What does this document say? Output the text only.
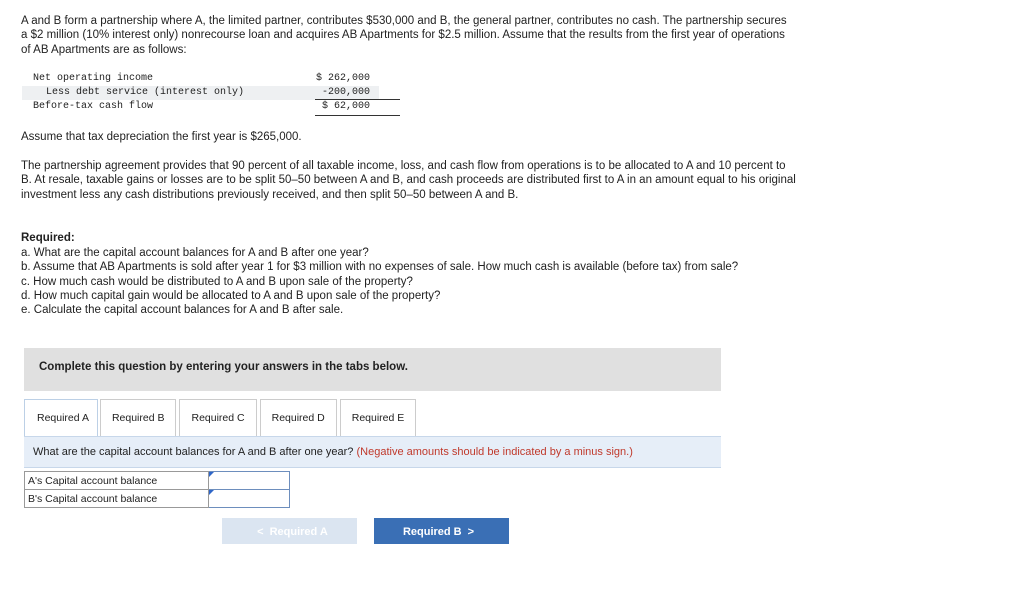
A and B form a partnership where A, the limited partner, contributes $530,000 and B, the general partner, contributes no cash. The partnership secures a $2 million (10% interest only) nonrecourse loan and acquires AB Apartments for $2.5 million. Assume that the results from the first year of operations of AB Apartments are as follows:

Net operating income	$ 262,000
Less debt service (interest only)	-200,000
Before-tax cash flow	$ 62,000

Assume that tax depreciation the first year is $265,000.

The partnership agreement provides that 90 percent of all taxable income, loss, and cash flow from operations is to be allocated to A and 10 percent to B. At resale, taxable gains or losses are to be split 50–50 between A and B, and cash proceeds are distributed first to A in an amount equal to his original investment less any cash distributions previously received, and then split 50–50 between A and B.

Required:

a. What are the capital account balances for A and B after one year?
b. Assume that AB Apartments is sold after year 1 for $3 million with no expenses of sale. How much cash is available (before tax) from sale?
c. How much cash would be distributed to A and B upon sale of the property?
d. How much capital gain would be allocated to A and B upon sale of the property?
e. Calculate the capital account balances for A and B after sale.
Complete this question by entering your answers in the tabs below.
Required A	Required B	Required C	Required D	Required E
What are the capital account balances for A and B after one year? (Negative amounts should be indicated by a minus sign.)
A's Capital account balance	
B's Capital account balance	
< Required A	Required B >
